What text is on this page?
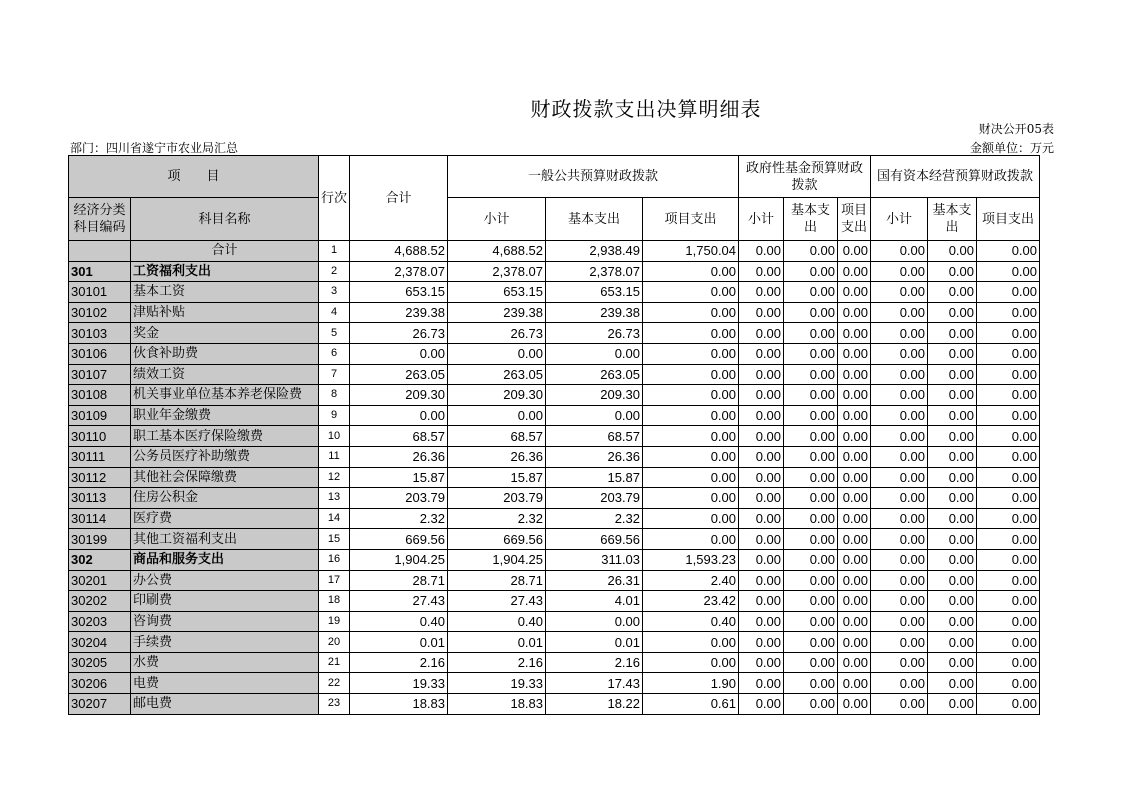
财政拨款支出决算明细表
财决公开05表
部门：四川省遂宁市农业局汇总	金额单位：万元
项　　目		行次	合计	一般公共预算财政拨款			政府性基金预算财政拨款			国有资本经营预算财政拨款		
经济分类科目编码	科目名称			小计	基本支出	项目支出	小计	基本支出	项目支出	小计	基本支出	项目支出
	合计	1	4,688.52	4,688.52	2,938.49	1,750.04	0.00	0.00	0.00	0.00	0.00	0.00
301	工资福利支出	2	2,378.07	2,378.07	2,378.07	0.00	0.00	0.00	0.00	0.00	0.00	0.00
30101	基本工资	3	653.15	653.15	653.15	0.00	0.00	0.00	0.00	0.00	0.00	0.00
30102	津贴补贴	4	239.38	239.38	239.38	0.00	0.00	0.00	0.00	0.00	0.00	0.00
30103	奖金	5	26.73	26.73	26.73	0.00	0.00	0.00	0.00	0.00	0.00	0.00
30106	伙食补助费	6	0.00	0.00	0.00	0.00	0.00	0.00	0.00	0.00	0.00	0.00
30107	绩效工资	7	263.05	263.05	263.05	0.00	0.00	0.00	0.00	0.00	0.00	0.00
30108	机关事业单位基本养老保险费	8	209.30	209.30	209.30	0.00	0.00	0.00	0.00	0.00	0.00	0.00
30109	职业年金缴费	9	0.00	0.00	0.00	0.00	0.00	0.00	0.00	0.00	0.00	0.00
30110	职工基本医疗保险缴费	10	68.57	68.57	68.57	0.00	0.00	0.00	0.00	0.00	0.00	0.00
30111	公务员医疗补助缴费	11	26.36	26.36	26.36	0.00	0.00	0.00	0.00	0.00	0.00	0.00
30112	其他社会保障缴费	12	15.87	15.87	15.87	0.00	0.00	0.00	0.00	0.00	0.00	0.00
30113	住房公积金	13	203.79	203.79	203.79	0.00	0.00	0.00	0.00	0.00	0.00	0.00
30114	医疗费	14	2.32	2.32	2.32	0.00	0.00	0.00	0.00	0.00	0.00	0.00
30199	其他工资福利支出	15	669.56	669.56	669.56	0.00	0.00	0.00	0.00	0.00	0.00	0.00
302	商品和服务支出	16	1,904.25	1,904.25	311.03	1,593.23	0.00	0.00	0.00	0.00	0.00	0.00
30201	办公费	17	28.71	28.71	26.31	2.40	0.00	0.00	0.00	0.00	0.00	0.00
30202	印刷费	18	27.43	27.43	4.01	23.42	0.00	0.00	0.00	0.00	0.00	0.00
30203	咨询费	19	0.40	0.40	0.00	0.40	0.00	0.00	0.00	0.00	0.00	0.00
30204	手续费	20	0.01	0.01	0.01	0.00	0.00	0.00	0.00	0.00	0.00	0.00
30205	水费	21	2.16	2.16	2.16	0.00	0.00	0.00	0.00	0.00	0.00	0.00
30206	电费	22	19.33	19.33	17.43	1.90	0.00	0.00	0.00	0.00	0.00	0.00
30207	邮电费	23	18.83	18.83	18.22	0.61	0.00	0.00	0.00	0.00	0.00	0.00
